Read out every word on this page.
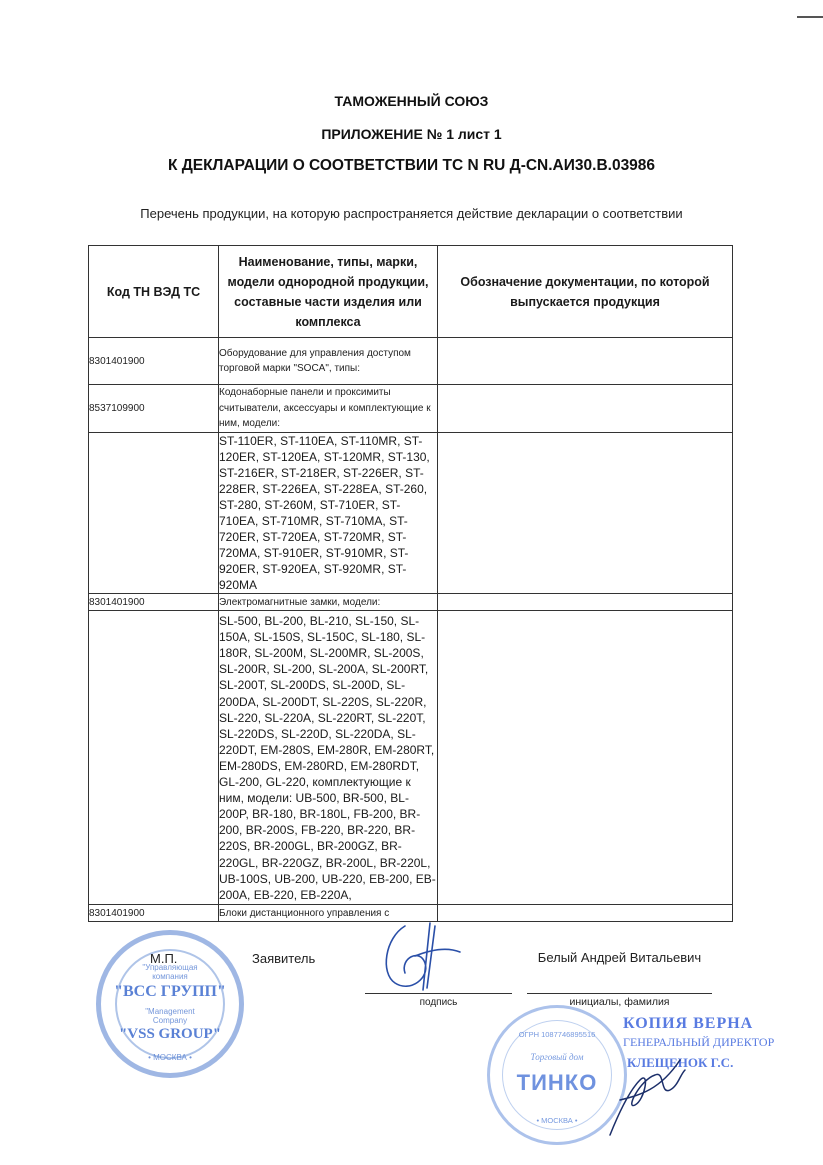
ТАМОЖЕННЫЙ СОЮЗ
ПРИЛОЖЕНИЕ № 1 лист 1
К ДЕКЛАРАЦИИ О СООТВЕТСТВИИ ТС N RU Д-CN.АИ30.В.03986
Перечень продукции, на которую распространяется действие декларации о соответствии
Код ТН ВЭД ТС	Наименование, типы, марки, модели однородной продукции, составные части изделия или комплекса	Обозначение документации, по которой выпускается продукция
8301401900	Оборудование для управления доступом торговой марки "SOCA", типы:	
8537109900	Кодонаборные панели и проксимиты считыватели, аксессуары и комплектующие к ним, модели:	
	ST-110ER, ST-110EA, ST-110MR, ST-120ER, ST-120EA, ST-120MR, ST-130, ST-216ER, ST-218ER, ST-226ER, ST-228ER, ST-226EA, ST-228EA, ST-260, ST-280, ST-260M, ST-710ER, ST-710EA, ST-710MR, ST-710MA, ST-720ER, ST-720EA, ST-720MR, ST-720MA, ST-910ER, ST-910MR, ST-920ER, ST-920EA, ST-920MR, ST-920MA	
8301401900	Электромагнитные замки, модели:	
	SL-500, BL-200, BL-210, SL-150, SL-150A, SL-150S, SL-150C, SL-180, SL-180R, SL-200M, SL-200MR, SL-200S, SL-200R, SL-200, SL-200A, SL-200RT, SL-200T, SL-200DS, SL-200D, SL-200DA, SL-200DT, SL-220S, SL-220R, SL-220, SL-220A, SL-220RT, SL-220T, SL-220DS, SL-220D, SL-220DA, SL-220DT, EM-280S, EM-280R, EM-280RT, EM-280DS, EM-280RD, EM-280RDT, GL-200, GL-220, комплектующие к ним, модели: UB-500, BR-500, BL-200P, BR-180, BR-180L, FB-200, BR-200, BR-200S, FB-220, BR-220, BR-220S, BR-200GL, BR-200GZ, BR-220GL, BR-220GZ, BR-200L, BR-220L, UB-100S, UB-200, UB-220, EB-200, EB-200A, EB-220, EB-220A,	
8301401900	Блоки дистанционного управления с	
"Управляющая
компания
"ВСС ГРУПП"
"Management
Company
"VSS GROUP"
• МОСКВА •
М.П.	Заявитель
подпись
Белый Андрей Витальевич
инициалы, фамилия
ОГРН 1087746895516
Торговый дом
ТИНКО
• МОСКВА •
КОПИЯ ВЕРНА
ГЕНЕРАЛЬНЫЙ ДИРЕКТОР
КЛЕЩЕНОК Г.С.
